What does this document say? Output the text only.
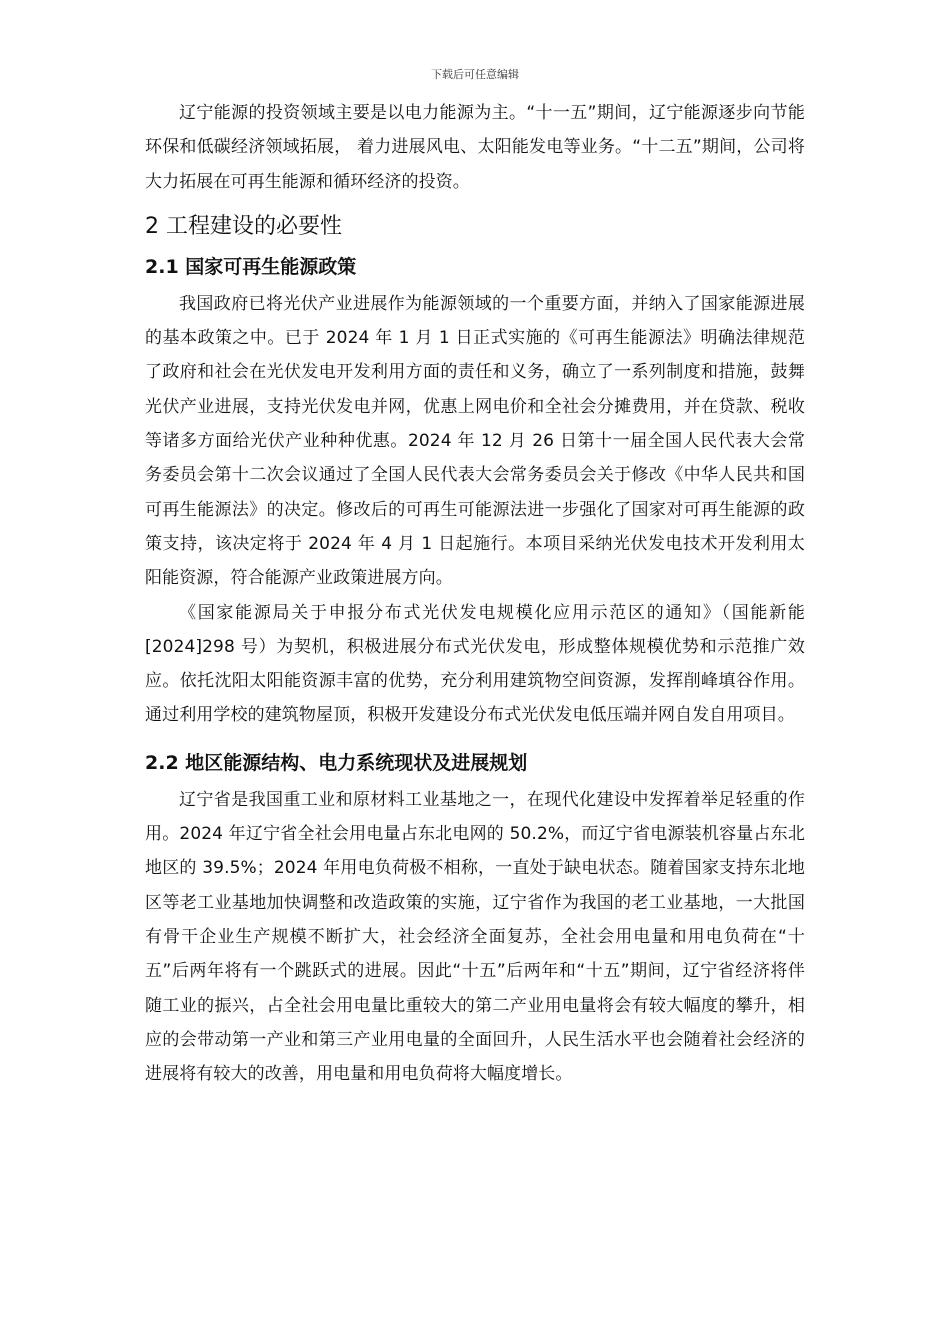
下载后可任意编辑

辽宁能源的投资领域主要是以电力能源为主。“十一五”期间，辽宁能源逐步向节能环保和低碳经济领域拓展， 着力进展风电、太阳能发电等业务。“十二五”期间，公司将大力拓展在可再生能源和循环经济的投资。

2 工程建设的必要性
2.1 国家可再生能源政策

我国政府已将光伏产业进展作为能源领域的一个重要方面，并纳入了国家能源进展的基本政策之中。已于 2024 年 1 月 1 日正式实施的《可再生能源法》明确法律规范了政府和社会在光伏发电开发利用方面的责任和义务，确立了一系列制度和措施，鼓舞光伏产业进展，支持光伏发电并网，优惠上网电价和全社会分摊费用，并在贷款、税收等诸多方面给光伏产业种种优惠。2024 年 12 月 26 日第十一届全国人民代表大会常务委员会第十二次会议通过了全国人民代表大会常务委员会关于修改《中华人民共和国可再生能源法》的决定。修改后的可再生可能源法进一步强化了国家对可再生能源的政策支持，该决定将于 2024 年 4 月 1 日起施行。本项目采纳光伏发电技术开发利用太阳能资源，符合能源产业政策进展方向。

《国家能源局关于申报分布式光伏发电规模化应用示范区的通知》（国能新能[2024]298 号）为契机，积极进展分布式光伏发电，形成整体规模优势和示范推广效应。依托沈阳太阳能资源丰富的优势，充分利用建筑物空间资源，发挥削峰填谷作用。通过利用学校的建筑物屋顶，积极开发建设分布式光伏发电低压端并网自发自用项目。

2.2 地区能源结构、电力系统现状及进展规划

辽宁省是我国重工业和原材料工业基地之一，在现代化建设中发挥着举足轻重的作用。2024 年辽宁省全社会用电量占东北电网的 50.2%，而辽宁省电源装机容量占东北地区的 39.5%；2024 年用电负荷极不相称，一直处于缺电状态。随着国家支持东北地区等老工业基地加快调整和改造政策的实施，辽宁省作为我国的老工业基地，一大批国有骨干企业生产规模不断扩大，社会经济全面复苏，全社会用电量和用电负荷在“十五”后两年将有一个跳跃式的进展。因此“十五”后两年和“十五”期间，辽宁省经济将伴随工业的振兴，占全社会用电量比重较大的第二产业用电量将会有较大幅度的攀升，相应的会带动第一产业和第三产业用电量的全面回升，人民生活水平也会随着社会经济的进展将有较大的改善，用电量和用电负荷将大幅度增长。
